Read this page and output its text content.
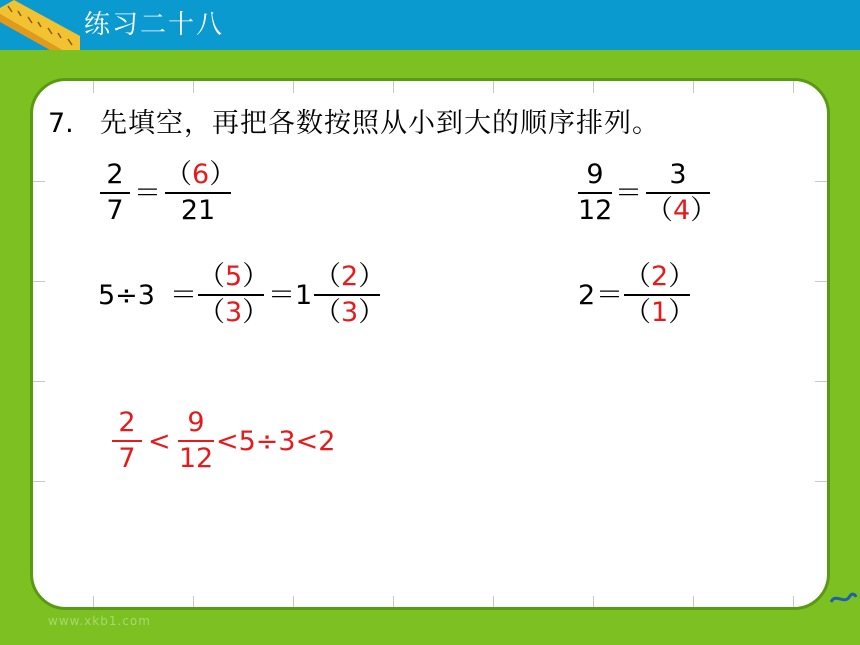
练习二十八
7. 先填空，再把各数按照从小到大的顺序排列。
2
7
＝
（6）
21
9
12
＝
3
（4）
5÷3 ＝
（5）
（3）
＝1
（2）
（3）
2 ＝
（2）
（1）
2
7
<
9
12
<5÷3<2
www.xkb1.com
